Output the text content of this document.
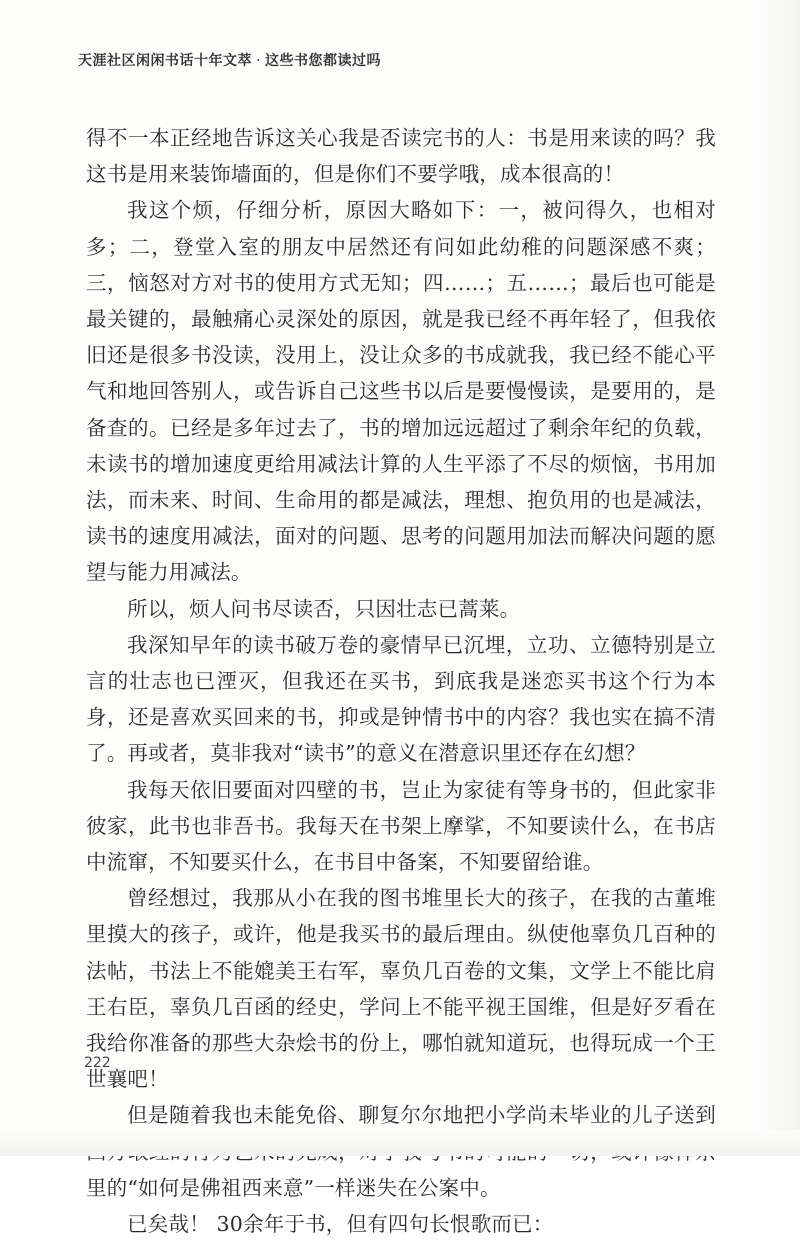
天涯社区闲闲书话十年文萃 · 这些书您都读过吗

得不一本正经地告诉这关心我是否读完书的人：书是用来读的吗？我这书是用来装饰墙面的，但是你们不要学哦，成本很高的！

我这个烦，仔细分析，原因大略如下：一，被问得久，也相对多；二，登堂入室的朋友中居然还有问如此幼稚的问题深感不爽；三，恼怒对方对书的使用方式无知；四……；五……；最后也可能是最关键的，最触痛心灵深处的原因，就是我已经不再年轻了，但我依旧还是很多书没读，没用上，没让众多的书成就我，我已经不能心平气和地回答别人，或告诉自己这些书以后是要慢慢读，是要用的，是备查的。已经是多年过去了，书的增加远远超过了剩余年纪的负载，未读书的增加速度更给用减法计算的人生平添了不尽的烦恼，书用加法，而未来、时间、生命用的都是减法，理想、抱负用的也是减法，读书的速度用减法，面对的问题、思考的问题用加法而解决问题的愿望与能力用减法。

所以，烦人问书尽读否，只因壮志已蒿莱。

我深知早年的读书破万卷的豪情早已沉埋，立功、立德特别是立言的壮志也已湮灭，但我还在买书，到底我是迷恋买书这个行为本身，还是喜欢买回来的书，抑或是钟情书中的内容？我也实在搞不清了。再或者，莫非我对“读书”的意义在潜意识里还存在幻想？

我每天依旧要面对四壁的书，岂止为家徒有等身书的，但此家非彼家，此书也非吾书。我每天在书架上摩挲，不知要读什么，在书店中流窜，不知要买什么，在书目中备案，不知要留给谁。

曾经想过，我那从小在我的图书堆里长大的孩子，在我的古董堆里摸大的孩子，或许，他是我买书的最后理由。纵使他辜负几百种的法帖，书法上不能媲美王右军，辜负几百卷的文集，文学上不能比肩王右臣，辜负几百函的经史，学问上不能平视王国维，但是好歹看在我给你准备的那些大杂烩书的份上，哪怕就知道玩，也得玩成一个王世襄吧！

但是随着我也未能免俗、聊复尔尔地把小学尚未毕业的儿子送到 里的“如何是佛祖西来意”一样迷失在公案中。

已矣哉！ 30余年于书，但有四句长恨歌而已：

222
